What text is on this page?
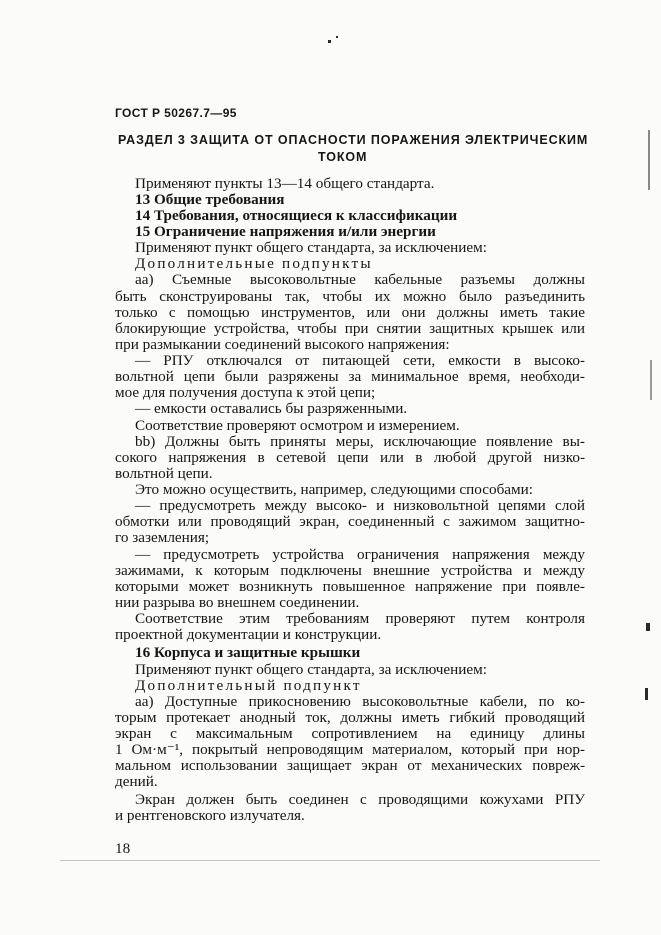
ГОСТ Р 50267.7—95
РАЗДЕЛ 3 ЗАЩИТА ОТ ОПАСНОСТИ ПОРАЖЕНИЯ ЭЛЕКТРИЧЕСКИМ
ТОКОМ
Применяют пункты 13—14 общего стандарта.
13 Общие требования
14 Требования, относящиеся к классификации
15 Ограничение напряжения и/или энергии
Применяют пункт общего стандарта, за исключением:
Дополнительные подпункты
аа) Съемные высоковольтные кабельные разъемы должны
быть сконструированы так, чтобы их можно было разъединить
только с помощью инструментов, или они должны иметь такие
блокирующие устройства, чтобы при снятии защитных крышек или
при размыкании соединений высокого напряжения:
— РПУ отключался от питающей сети, емкости в высоко-
вольтной цепи были разряжены за минимальное время, необходи-
мое для получения доступа к этой цепи;
— емкости оставались бы разряженными.
Соответствие проверяют осмотром и измерением.
bb) Должны быть приняты меры, исключающие появление вы-
сокого напряжения в сетевой цепи или в любой другой низко-
вольтной цепи.
Это можно осуществить, например, следующими способами:
— предусмотреть между высоко- и низковольтной цепями слой
обмотки или проводящий экран, соединенный с зажимом защитно-
го заземления;
— предусмотреть устройства ограничения напряжения между
зажимами, к которым подключены внешние устройства и между
которыми может возникнуть повышенное напряжение при появле-
нии разрыва во внешнем соединении.
Соответствие этим требованиям проверяют путем контроля
проектной документации и конструкции.
16 Корпуса и защитные крышки
Применяют пункт общего стандарта, за исключением:
Дополнительный подпункт
аа) Доступные прикосновению высоковольтные кабели, по ко-
торым протекает анодный ток, должны иметь гибкий проводящий
экран с максимальным сопротивлением на единицу длины
1 Ом·м⁻¹, покрытый непроводящим материалом, который при нор-
мальном использовании защищает экран от механических повреж-
дений.
Экран должен быть соединен с проводящими кожухами РПУ
и рентгеновского излучателя.
18
